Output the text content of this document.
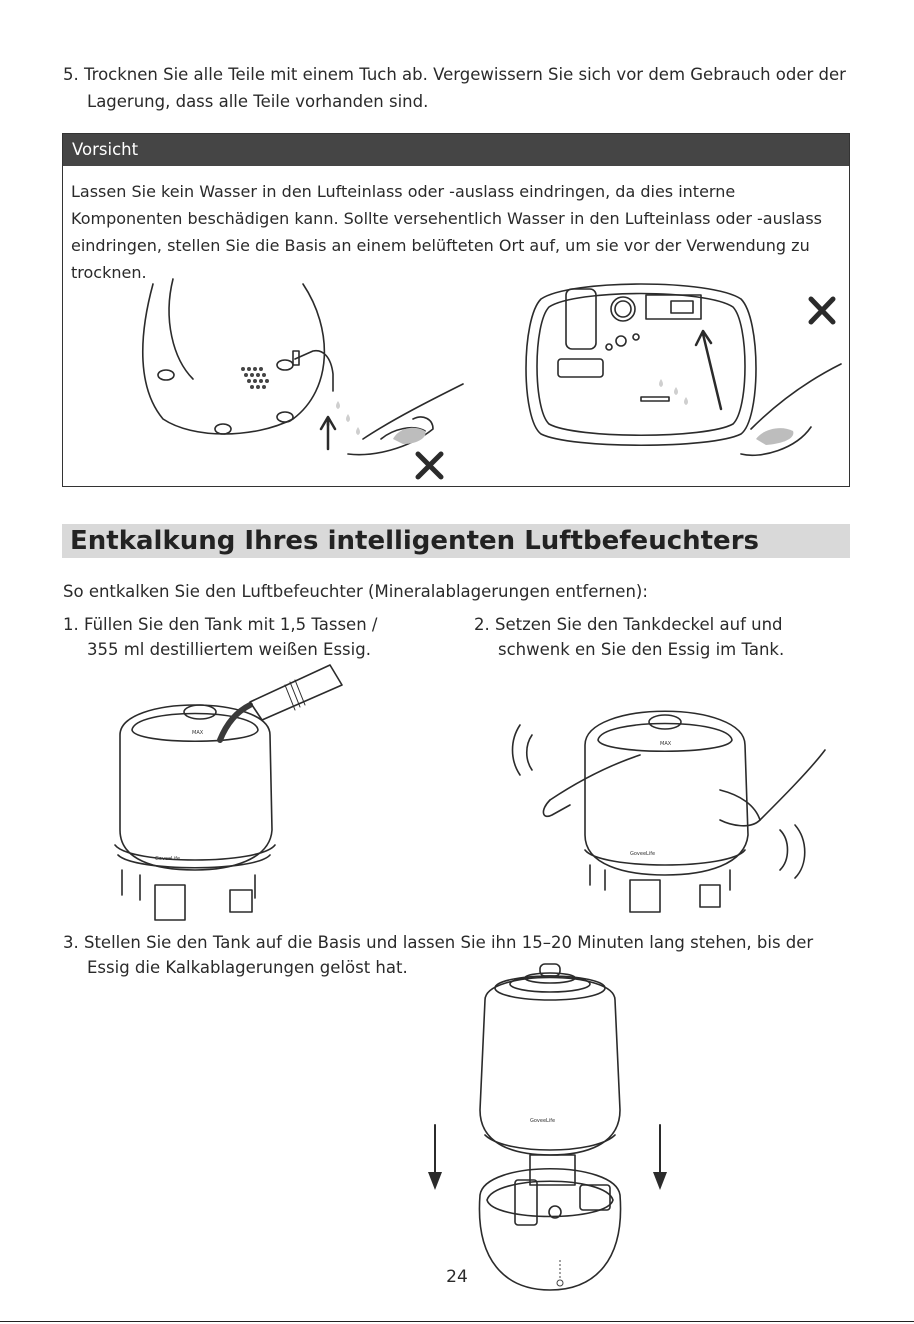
5. Trocknen Sie alle Teile mit einem Tuch ab. Vergewissern Sie sich vor dem Gebrauch oder der

Lagerung, dass alle Teile vorhanden sind.

Vorsicht
Lassen Sie kein Wasser in den Lufteinlass oder -auslass eindringen, da dies interne Komponenten beschädigen kann. Sollte versehentlich Wasser in den Lufteinlass oder -auslass eindringen, stellen Sie die Basis an einem belüfteten Ort auf, um sie vor der Verwendung zu trocknen.
Entkalkung Ihres intelligenten Luftbefeuchters

So entkalken Sie den Luftbefeuchter (Mineralablagerungen entfernen):

1. Füllen Sie den Tank mit 1,5 Tassen /
355 ml destilliertem weißen Essig.
2. Setzen Sie den Tankdeckel auf und
schwenk en Sie den Essig im Tank.
MAX
GoveeLife
MAX
GoveeLife
3. Stellen Sie den Tank auf die Basis und lassen Sie ihn 15–20 Minuten lang stehen, bis der
Essig die Kalkablagerungen gelöst hat.
GoveeLife
24
